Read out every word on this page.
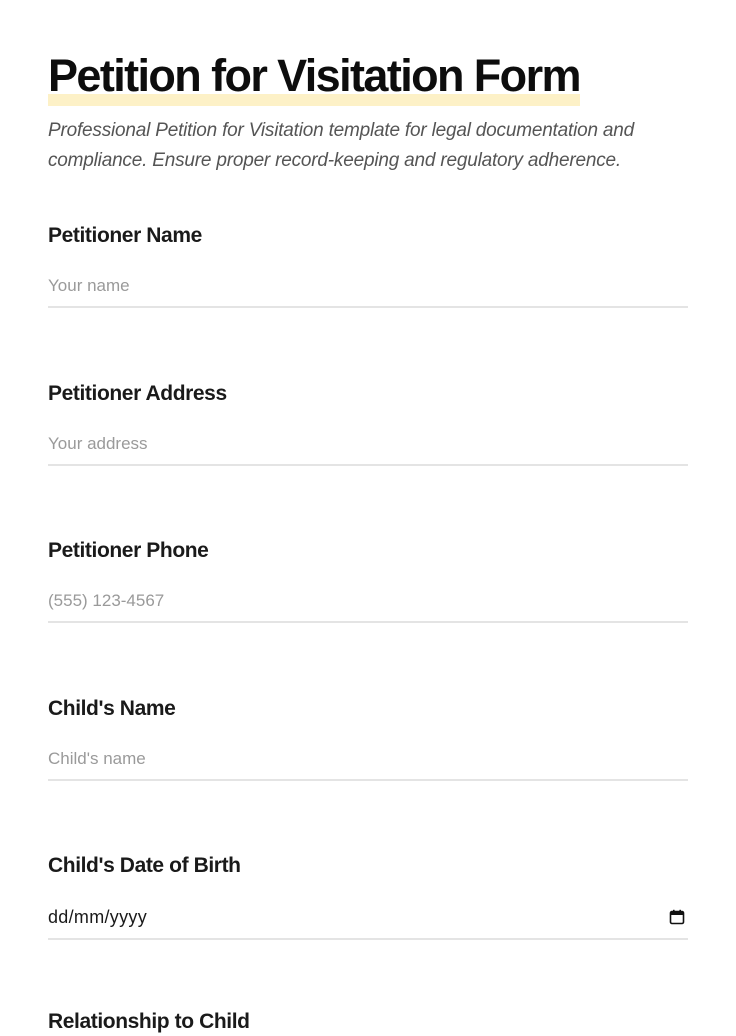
Petition for Visitation Form

Professional Petition for Visitation template for legal documentation and compliance. Ensure proper record-keeping and regulatory adherence.

Petitioner Name
Your name
Petitioner Address
Your address
Petitioner Phone
(555) 123-4567
Child's Name
Child's name
Child's Date of Birth
dd/mm/yyyy
Relationship to Child
